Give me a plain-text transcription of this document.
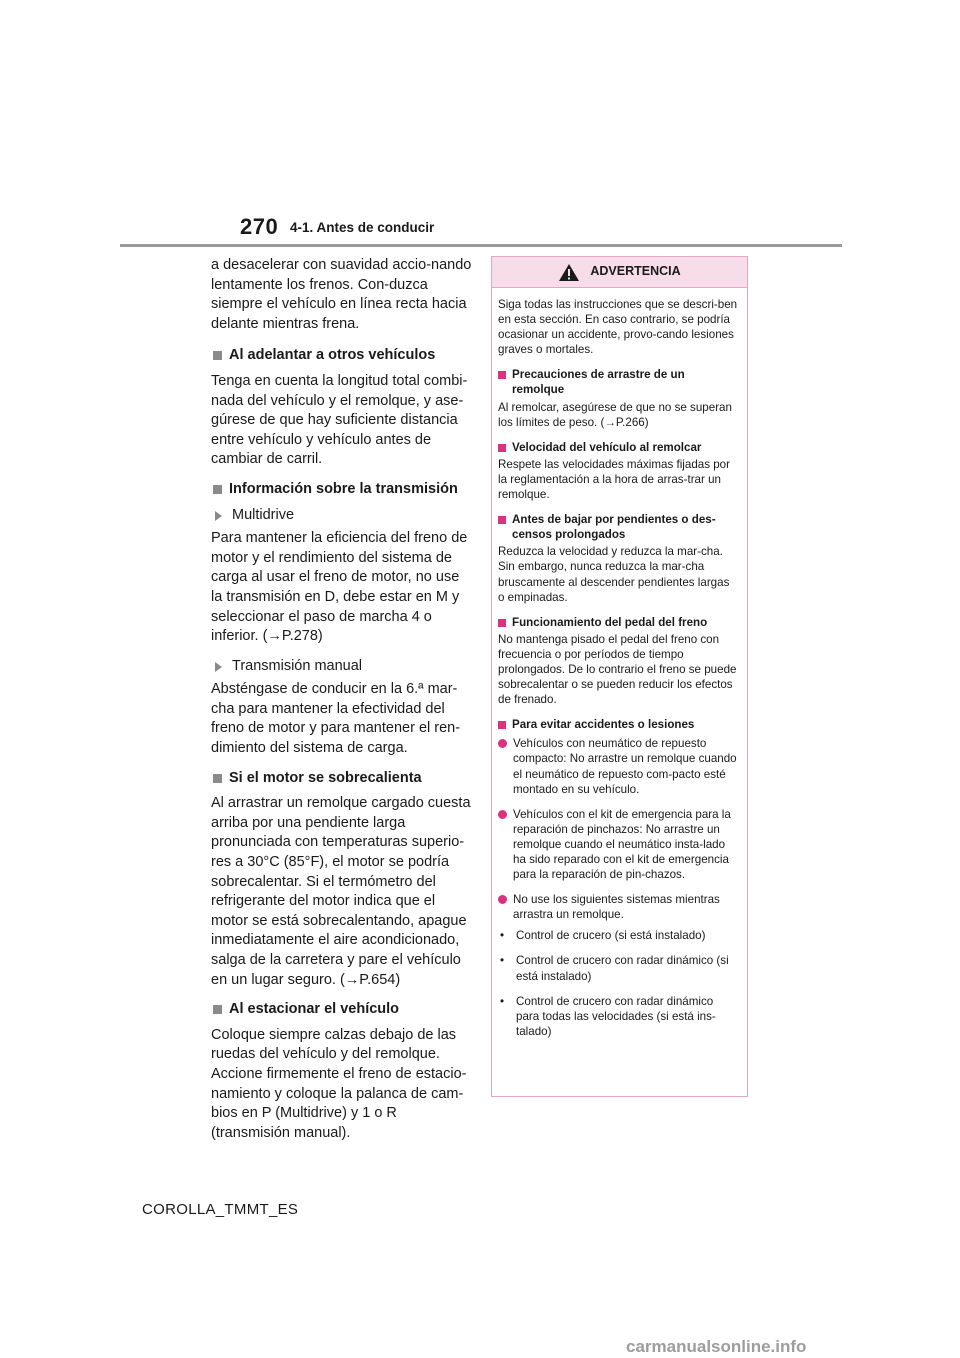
270 4-1. Antes de conducir

a desacelerar con suavidad accio-nando lentamente los frenos. Con-duzca siempre el vehículo en línea recta hacia delante mientras frena.

Al adelantar a otros vehículos

Tenga en cuenta la longitud total combi-nada del vehículo y el remolque, y ase-gúrese de que hay suficiente distancia entre vehículo y vehículo antes de cambiar de carril.

Información sobre la transmisión
Multidrive

Para mantener la eficiencia del freno de motor y el rendimiento del sistema de carga al usar el freno de motor, no use la transmisión en D, debe estar en M y seleccionar el paso de marcha 4 o inferior. (→P.278)

Transmisión manual

Absténgase de conducir en la 6.ª mar-cha para mantener la efectividad del freno de motor y para mantener el ren-dimiento del sistema de carga.

Si el motor se sobrecalienta

Al arrastrar un remolque cargado cuesta arriba por una pendiente larga pronunciada con temperaturas superio-res a 30°C (85°F), el motor se podría sobrecalentar. Si el termómetro del refrigerante del motor indica que el motor se está sobrecalentando, apague inmediatamente el aire acondicionado, salga de la carretera y pare el vehículo en un lugar seguro. (→P.654)

Al estacionar el vehículo

Coloque siempre calzas debajo de las ruedas del vehículo y del remolque. Accione firmemente el freno de estacio-namiento y coloque la palanca de cam-bios en P (Multidrive) y 1 o R (transmisión manual).

ADVERTENCIA

Siga todas las instrucciones que se descri-ben en esta sección. En caso contrario, se podría ocasionar un accidente, provo-cando lesiones graves o mortales.

Precauciones de arrastre de un remolque

Al remolcar, asegúrese de que no se superan los límites de peso. (→P.266)

Velocidad del vehículo al remolcar

Respete las velocidades máximas fijadas por la reglamentación a la hora de arras-trar un remolque.

Antes de bajar por pendientes o des-censos prolongados

Reduzca la velocidad y reduzca la mar-cha. Sin embargo, nunca reduzca la mar-cha bruscamente al descender pendientes largas o empinadas.

Funcionamiento del pedal del freno

No mantenga pisado el pedal del freno con frecuencia o por períodos de tiempo prolongados. De lo contrario el freno se puede sobrecalentar o se pueden reducir los efectos de frenado.

Para evitar accidentes o lesiones
Vehículos con neumático de repuesto compacto: No arrastre un remolque cuando el neumático de repuesto com-pacto esté montado en su vehículo.
Vehículos con el kit de emergencia para la reparación de pinchazos: No arrastre un remolque cuando el neumático insta-lado ha sido reparado con el kit de emergencia para la reparación de pin-chazos.
No use los siguientes sistemas mientras arrastra un remolque.
•	Control de crucero (si está instalado)
•	Control de crucero con radar dinámico (si está instalado)
•	Control de crucero con radar dinámico para todas las velocidades (si está ins-talado)
COROLLA_TMMT_ES
carmanualsonline.info
